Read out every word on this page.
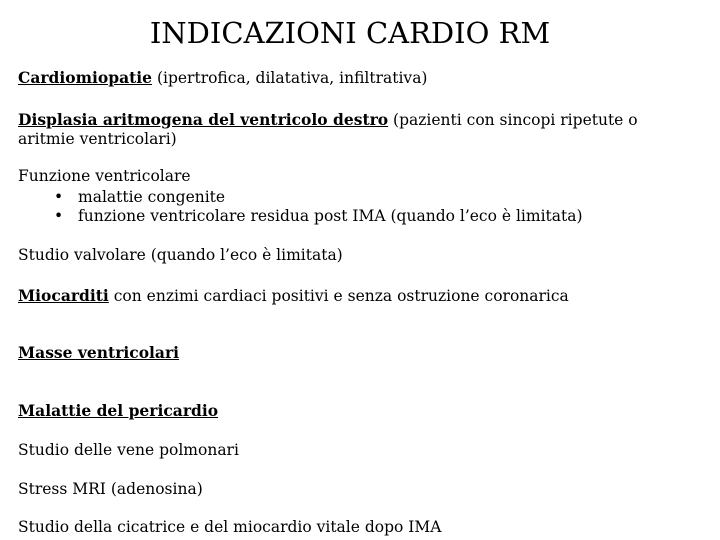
INDICAZIONI CARDIO RM
Cardiomiopatie (ipertrofica, dilatativa, infiltrativa)
Displasia aritmogena del ventricolo destro (pazienti con sincopi ripetute o
aritmie ventricolari)
Funzione ventricolare
• malattie congenite
• funzione ventricolare residua post IMA (quando l’eco è limitata)
Studio valvolare (quando l’eco è limitata)
Miocarditi con enzimi cardiaci positivi e senza ostruzione coronarica
Masse ventricolari
Malattie del pericardio
Studio delle vene polmonari
Stress MRI (adenosina)
Studio della cicatrice e del miocardio vitale dopo IMA
